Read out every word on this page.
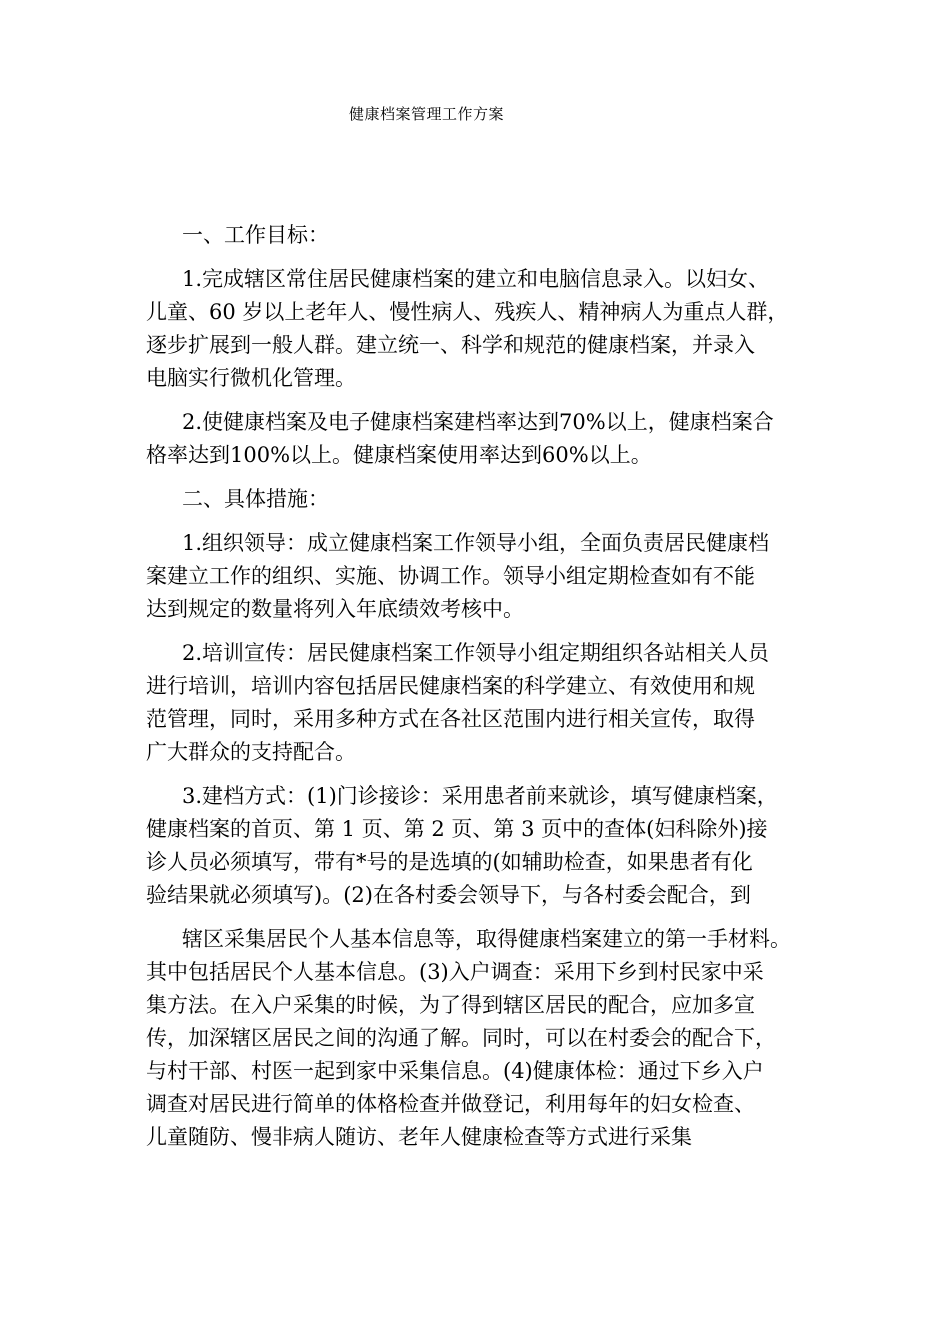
健康档案管理工作方案
一、工作目标：
1.完成辖区常住居民健康档案的建立和电脑信息录入。以妇女、
儿童、60 岁以上老年人、慢性病人、残疾人、精神病人为重点人群，
逐步扩展到一般人群。建立统一、科学和规范的健康档案，并录入
电脑实行微机化管理。
2.使健康档案及电子健康档案建档率达到70%以上，健康档案合
格率达到100%以上。健康档案使用率达到60%以上。
二、具体措施：
1.组织领导：成立健康档案工作领导小组，全面负责居民健康档
案建立工作的组织、实施、协调工作。领导小组定期检查如有不能
达到规定的数量将列入年底绩效考核中。
2.培训宣传：居民健康档案工作领导小组定期组织各站相关人员
进行培训，培训内容包括居民健康档案的科学建立、有效使用和规
范管理，同时，采用多种方式在各社区范围内进行相关宣传，取得
广大群众的支持配合。
3.建档方式：(1)门诊接诊：采用患者前来就诊，填写健康档案，
健康档案的首页、第 1 页、第 2 页、第 3 页中的查体(妇科除外)接
诊人员必须填写，带有*号的是选填的(如辅助检查，如果患者有化
验结果就必须填写)。(2)在各村委会领导下，与各村委会配合，到
辖区采集居民个人基本信息等，取得健康档案建立的第一手材料。
其中包括居民个人基本信息。(3)入户调查：采用下乡到村民家中采
集方法。在入户采集的时候，为了得到辖区居民的配合，应加多宣
传，加深辖区居民之间的沟通了解。同时，可以在村委会的配合下，
与村干部、村医一起到家中采集信息。(4)健康体检：通过下乡入户
调查对居民进行简单的体格检查并做登记，利用每年的妇女检查、
儿童随防、慢非病人随访、老年人健康检查等方式进行采集
